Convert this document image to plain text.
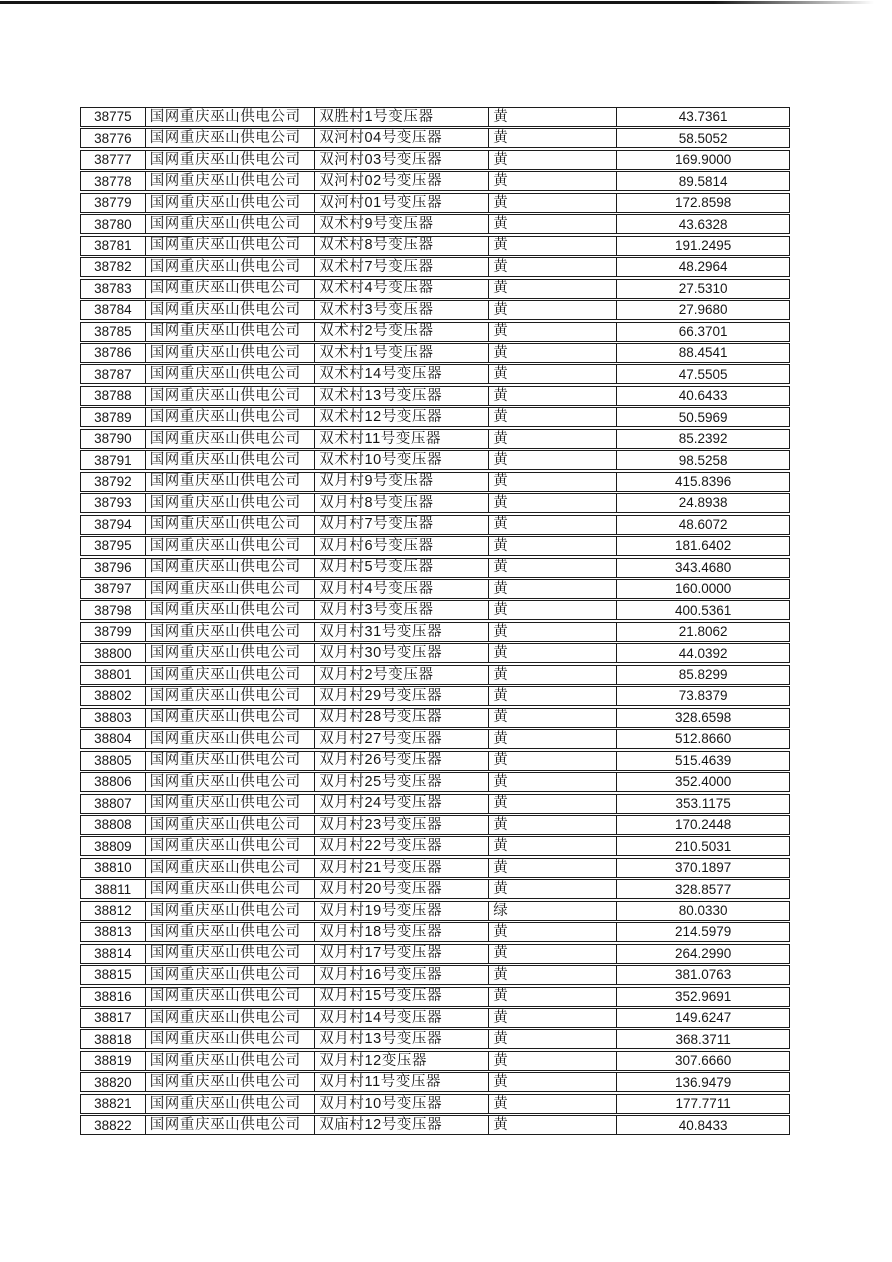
38775	国网重庆巫山供电公司	双胜村1号变压器	黄	43.7361
38776	国网重庆巫山供电公司	双河村04号变压器	黄	58.5052
38777	国网重庆巫山供电公司	双河村03号变压器	黄	169.9000
38778	国网重庆巫山供电公司	双河村02号变压器	黄	89.5814
38779	国网重庆巫山供电公司	双河村01号变压器	黄	172.8598
38780	国网重庆巫山供电公司	双术村9号变压器	黄	43.6328
38781	国网重庆巫山供电公司	双术村8号变压器	黄	191.2495
38782	国网重庆巫山供电公司	双术村7号变压器	黄	48.2964
38783	国网重庆巫山供电公司	双术村4号变压器	黄	27.5310
38784	国网重庆巫山供电公司	双术村3号变压器	黄	27.9680
38785	国网重庆巫山供电公司	双术村2号变压器	黄	66.3701
38786	国网重庆巫山供电公司	双术村1号变压器	黄	88.4541
38787	国网重庆巫山供电公司	双术村14号变压器	黄	47.5505
38788	国网重庆巫山供电公司	双术村13号变压器	黄	40.6433
38789	国网重庆巫山供电公司	双术村12号变压器	黄	50.5969
38790	国网重庆巫山供电公司	双术村11号变压器	黄	85.2392
38791	国网重庆巫山供电公司	双术村10号变压器	黄	98.5258
38792	国网重庆巫山供电公司	双月村9号变压器	黄	415.8396
38793	国网重庆巫山供电公司	双月村8号变压器	黄	24.8938
38794	国网重庆巫山供电公司	双月村7号变压器	黄	48.6072
38795	国网重庆巫山供电公司	双月村6号变压器	黄	181.6402
38796	国网重庆巫山供电公司	双月村5号变压器	黄	343.4680
38797	国网重庆巫山供电公司	双月村4号变压器	黄	160.0000
38798	国网重庆巫山供电公司	双月村3号变压器	黄	400.5361
38799	国网重庆巫山供电公司	双月村31号变压器	黄	21.8062
38800	国网重庆巫山供电公司	双月村30号变压器	黄	44.0392
38801	国网重庆巫山供电公司	双月村2号变压器	黄	85.8299
38802	国网重庆巫山供电公司	双月村29号变压器	黄	73.8379
38803	国网重庆巫山供电公司	双月村28号变压器	黄	328.6598
38804	国网重庆巫山供电公司	双月村27号变压器	黄	512.8660
38805	国网重庆巫山供电公司	双月村26号变压器	黄	515.4639
38806	国网重庆巫山供电公司	双月村25号变压器	黄	352.4000
38807	国网重庆巫山供电公司	双月村24号变压器	黄	353.1175
38808	国网重庆巫山供电公司	双月村23号变压器	黄	170.2448
38809	国网重庆巫山供电公司	双月村22号变压器	黄	210.5031
38810	国网重庆巫山供电公司	双月村21号变压器	黄	370.1897
38811	国网重庆巫山供电公司	双月村20号变压器	黄	328.8577
38812	国网重庆巫山供电公司	双月村19号变压器	绿	80.0330
38813	国网重庆巫山供电公司	双月村18号变压器	黄	214.5979
38814	国网重庆巫山供电公司	双月村17号变压器	黄	264.2990
38815	国网重庆巫山供电公司	双月村16号变压器	黄	381.0763
38816	国网重庆巫山供电公司	双月村15号变压器	黄	352.9691
38817	国网重庆巫山供电公司	双月村14号变压器	黄	149.6247
38818	国网重庆巫山供电公司	双月村13号变压器	黄	368.3711
38819	国网重庆巫山供电公司	双月村12变压器	黄	307.6660
38820	国网重庆巫山供电公司	双月村11号变压器	黄	136.9479
38821	国网重庆巫山供电公司	双月村10号变压器	黄	177.7711
38822	国网重庆巫山供电公司	双庙村12号变压器	黄	40.8433
